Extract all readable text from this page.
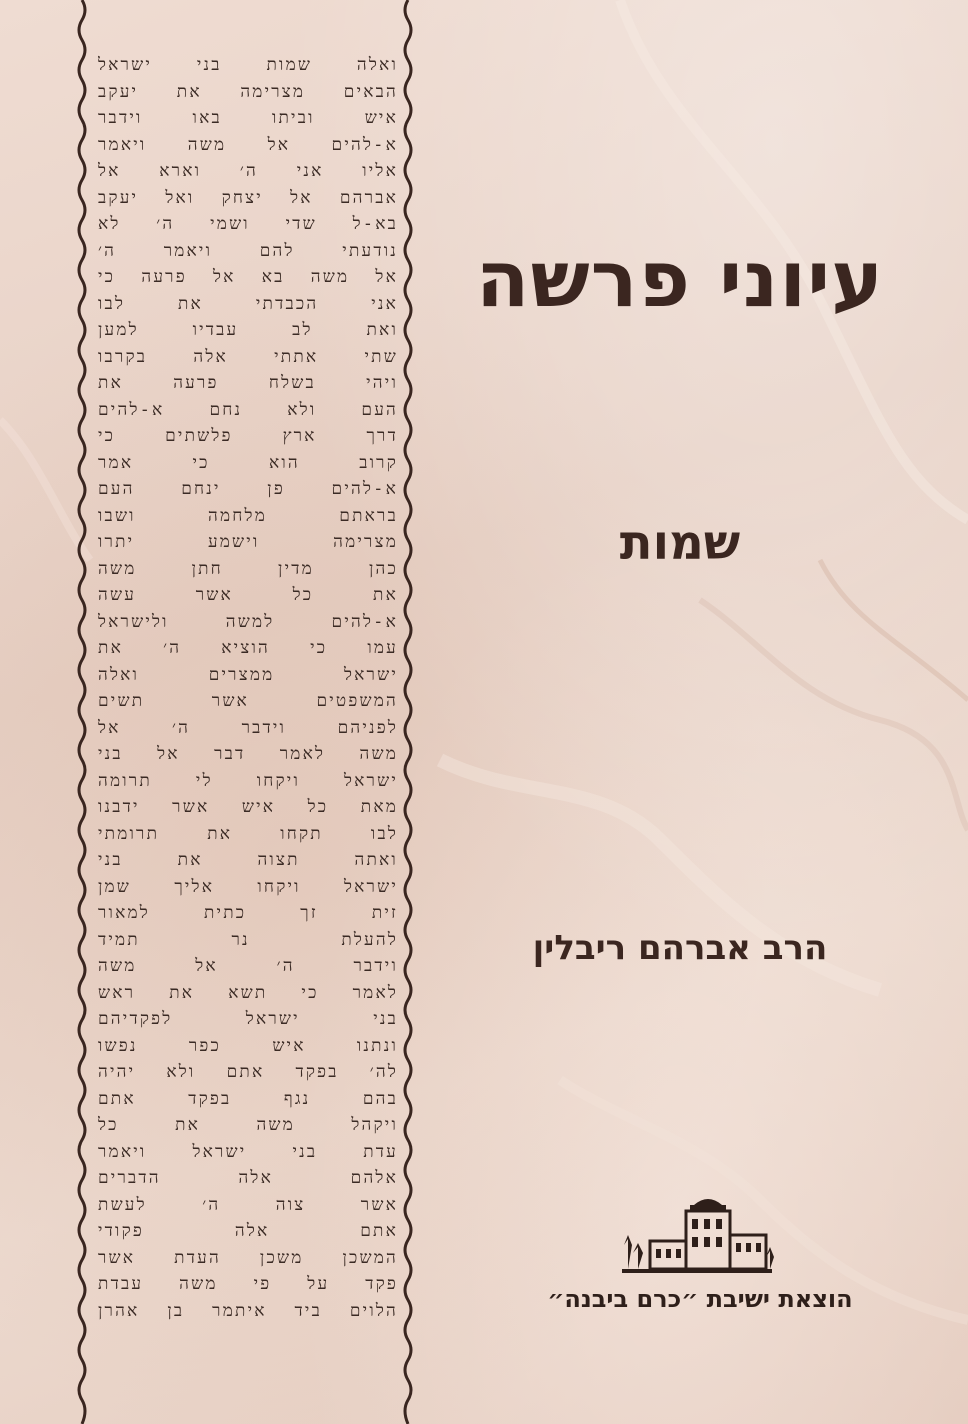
ואלה שמות בני ישראל
הבאים מצרימה את יעקב
איש וביתו באו וידבר
א-להים אל משה ויאמר
אליו אני ה׳ וארא אל
אברהם אל יצחק ואל יעקב
בא-ל שדי ושמי ה׳ לא
נודעתי להם ויאמר ה׳
אל משה בא אל פרעה כי
אני הכבדתי את לבו
ואת לב עבדיו למען
שתי אתתי אלה בקרבו
ויהי בשלח פרעה את
העם ולא נחם א-להים
דרך ארץ פלשתים כי
קרוב הוא כי אמר
א-להים פן ינחם העם
בראתם מלחמה ושבו
מצרימה וישמע יתרו
כהן מדין חתן משה
את כל אשר עשה
א-להים למשה ולישראל
עמו כי הוציא ה׳ את
ישראל ממצרים ואלה
המשפטים אשר תשים
לפניהם וידבר ה׳ אל
משה לאמר דבר אל בני
ישראל ויקחו לי תרומה
מאת כל איש אשר ידבנו
לבו תקחו את תרומתי
ואתה תצוה את בני
ישראל ויקחו אליך שמן
זית זך כתית למאור
להעלת נר תמיד
וידבר ה׳ אל משה
לאמר כי תשא את ראש
בני ישראל לפקדיהם
ונתנו איש כפר נפשו
לה׳ בפקד אתם ולא יהיה
בהם נגף בפקד אתם
ויקהל משה את כל
עדת בני ישראל ויאמר
אלהם אלה הדברים
אשר צוה ה׳ לעשת
אתם אלה פקודי
המשכן משכן העדת אשר
פקד על פי משה עבדת
הלוים ביד איתמר בן אהרן
עיוני פרשה
שמות
הרב אברהם ריבלין
הוצאת ישיבת ״כרם ביבנה״
